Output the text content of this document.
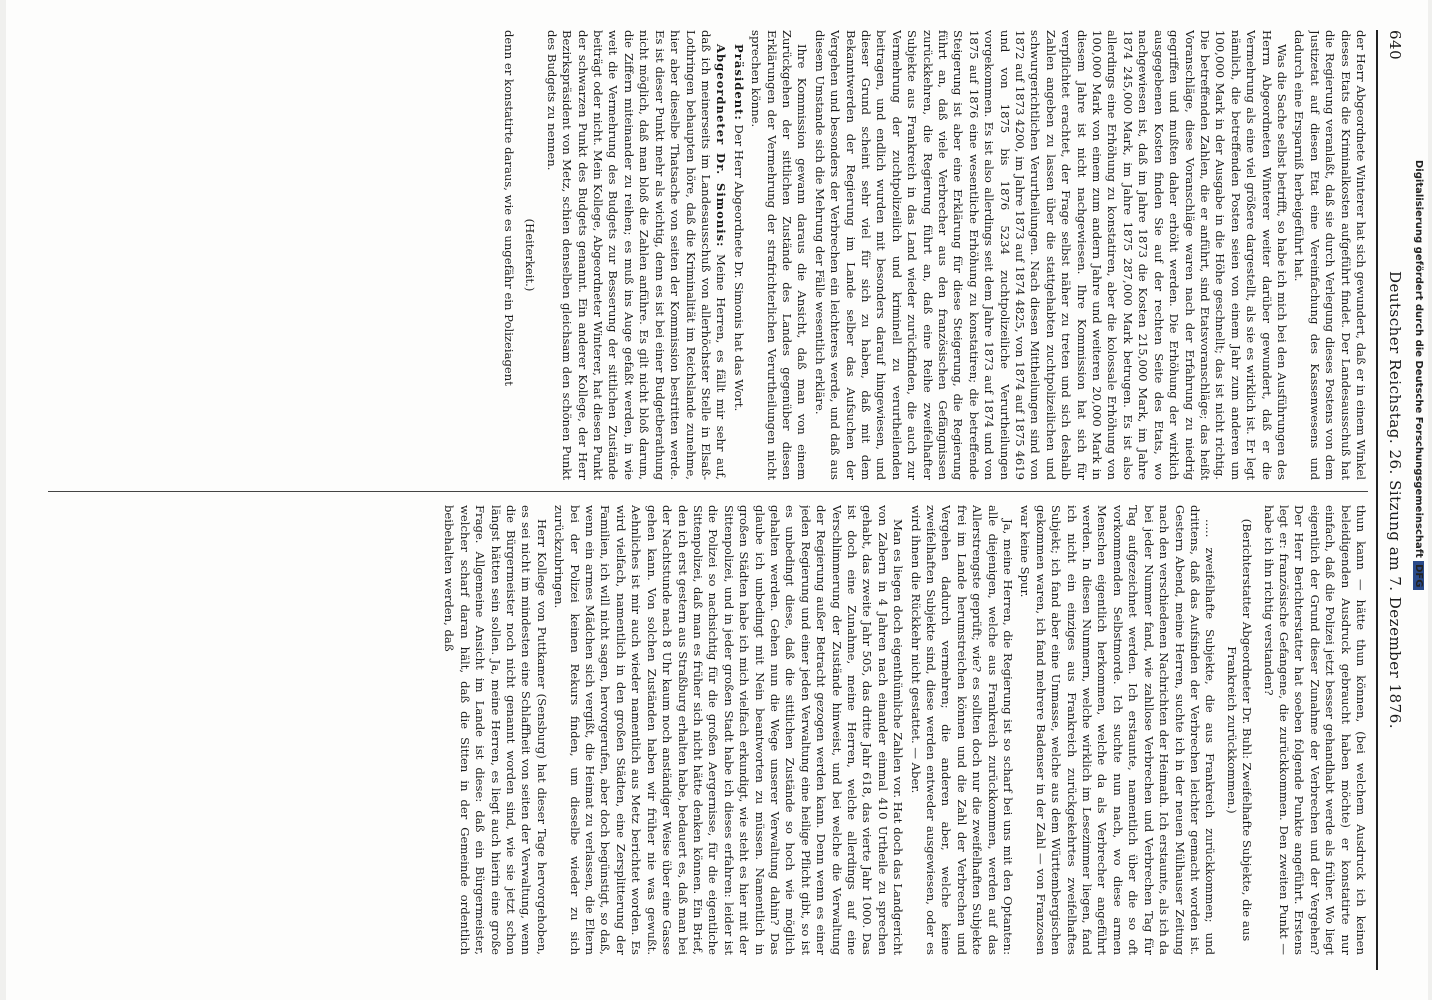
640
Deutscher Reichstag. 26. Sitzung am 7. Dezember 1876.

der Herr Abgeordnete Winterer hat sich gewundert, daß er in einem Winkel dieses Etats die Kriminalkosten aufgeführt findet. Der Landesausschuß hat die Regierung veranlaßt, daß sie durch Verlegung dieses Postens von dem Justizetat auf diesen Etat eine Vereinfachung des Kassenwesens und dadurch eine Ersparniß herbeigeführt hat.

Was die Sache selbst betrifft, so habe ich mich bei den Ausführungen des Herrn Abgeordneten Winterer weiter darüber gewundert, daß er die Vermehrung als eine viel größere dargestellt, als sie es wirklich ist. Er legt nämlich, die betreffenden Posten seien von einem Jahr zum anderen um 100,000 Mark in der Ausgabe in die Höhe geschnellt; das ist nicht richtig. Die betreffenden Zahlen, die er anführt, sind Etatsvoranschläge; das heißt Voranschläge, diese Voranschläge waren nach der Erfahrung zu niedrig gegriffen und mußten daher erhöht werden. Die Erhöhung der wirklich ausgegebenen Kosten finden Sie auf der rechten Seite des Etats, wo nachgewiesen ist, daß im Jahre 1873 die Kosten 215,000 Mark, im Jahre 1874 245,000 Mark, im Jahre 1875 287,000 Mark betrugen. Es ist also allerdings eine Erhöhung zu konstatiren, aber die kolossale Erhöhung von 100,000 Mark von einem zum andern Jahre und weiteren 20,000 Mark in diesem Jahre ist nicht nachgewiesen. Ihre Kommission hat sich für verpflichtet erachtet, der Frage selbst näher zu treten und sich deshalb Zahlen angeben zu lassen über die stattgehabten zuchtpolizeilichen und schwurgerichtlichen Verurtheilungen. Nach diesen Mittheilungen sind von 1872 auf 1873 4200, im Jahre 1873 auf 1874 4825, von 1874 auf 1875 4619 und von 1875 bis 1876 5234 zuchtpolizeiliche Verurtheilungen vorgekommen. Es ist also allerdings seit dem Jahre 1873 auf 1874 und von 1875 auf 1876 eine wesentliche Erhöhung zu konstatiren; die betreffende Steigerung ist aber eine Erklärung für diese Steigerung, die Regierung führt an, daß viele Verbrecher aus den französischen Gefängnissen zurückkehren, die Regierung führt an, daß eine Reihe zweifelhafter Subjekte aus Frankreich in das Land wieder zurückfinden, die auch zur Vermehrung der zuchtpolizeilich und kriminell zu verurtheilenden beitragen, und endlich wurden mit besonders darauf hingewiesen, und dieser Grund scheint sehr viel für sich zu haben, daß mit dem Bekanntwerden der Regierung im Lande selber das Aufsuchen der Vergehen und besonders der Verbrechen ein leichteres werde, und daß aus diesem Umstande sich die Mehrung der Fälle wesentlich erkläre.

Ihre Kommission gewann daraus die Ansicht, daß man von einem Zurückgehen der sittlichen Zustände des Landes gegenüber diesen Erklärungen der Vermehrung der strafrichterlichen Verurtheilungen nicht sprechen könne.

Präsident: Der Herr Abgeordnete Dr. Simonis hat das Wort.

Abgeordneter Dr. Simonis: Meine Herren, es fällt mir sehr auf, daß ich meinerseits im Landesausschuß von allerhöchster Stelle in Elsaß-Lothringen behaupten höre, daß die Kriminalität im Reichslande zunehme, hier aber dieselbe Thatsache von seiten der Kommission bestritten werde. Es ist dieser Punkt mehr als wichtig, denn es ist bei einer Budgetberathung nicht möglich, daß man bloß die Zahlen anführe. Es gilt nicht bloß darum, die Ziffern miteinander zu reihen; es muß ins Auge gefaßt werden, in wie weit die Vermehrung des Budgets zur Besserung der sittlichen Zustände beiträgt oder nicht. Mein Kollege, Abgeordneter Winterer, hat diesen Punkt der schwarzen Punkt des Budgets genannt. Ein anderer Kollege, der Herr Bezirkspräsident von Metz, schien denselben gleichsam den schönen Punkt des Budgets zu nennen.

(Heiterkeit.)

denn er konstatirte daraus, wie es ungefähr ein Polizeiagent

thun kann — hätte thun können, (bei welchem Ausdruck ich keinen beleidigenden Ausdruck gebraucht haben möchte) er konstatirte nur einfach, daß die Polizei jetzt besser gehandhabt werde als früher. Wo liegt eigentlich der Grund dieser Zunahme der Verbrechen und der Vergehen? Der Herr Berichterstatter hat soeben folgende Punkte angeführt. Erstens legt er: französische Gefangene, die zurückkommen. Den zweiten Punkt — habe ich ihn richtig verstanden?

(Berichterstatter Abgeordneter Dr. Buhl: Zweifelhafte Subjekte, die aus Frankreich zurückkommen.)

..... zweifelhafte Subjekte, die aus Frankreich zurückkommen; und drittens, daß das Aufsinden der Verbrechen leichter gemacht worden ist. Gestern Abend, meine Herren, suchte ich in der neuen Mülhauser Zeitung nach den verschiedenen Nachrichten der Heimath. Ich erstaunte, als ich da bei jeder Nummer fand, wie zahllose Verbrechen und Verbrechen Tag für Tag aufgezeichnet werden. Ich erstaunte, namentlich über die so oft vorkommenden Selbstmorde. Ich suchte nun nach, wo diese armen Menschen eigentlich herkommen, welche da als Verbrecher angeführt werden. In diesen Nummern, welche wirklich im Lesezimmer liegen, fand ich nicht ein einziges aus Frankreich zurückgekehrtes zweifelhaftes Subjekt; ich fand aber eine Unmasse, welche aus dem Württembergischen gekommen waren, ich fand mehrere Badenser in der Zahl — von Franzosen war keine Spur.

Ja, meine Herren, die Regierung ist so scharf bei uns mit den Optanten: alle diejenigen, welche aus Frankreich zurückkommen, werden auf das Allerstrengste geprüft; wie? es sollten doch nur die zweifelhaften Subjekte frei im Lande herumstreichen können und die Zahl der Verbrechen und Vergehen dadurch vermehren; die anderen aber, welche keine zweifelhaften Subjekte sind, diese werden entweder ausgewiesen, oder es wird ihnen die Rückkehr nicht gestattet. — Aber.

Man es liegen doch eigenthümliche Zahlen vor. Hat doch das Landgericht von Zabern in 4 Jahren nach einander einmal 410 Urtheile zu sprechen gehabt, das zweite Jahr 505, das dritte Jahr 618, das vierte Jahr 1000. Das ist doch eine Zunahme, meine Herren, welche allerdings auf eine Verschlimmerung der Zustände hinweist, und bei welche die Verwaltung der Regierung außer Betracht gezogen werden kann. Denn wenn es einer jeden Regierung und einer jeden Verwaltung eine heilige Pflicht gibt, so ist es unbedingt diese, daß die sittlichen Zustände so hoch wie möglich gehalten werden. Gehen nun die Wege unserer Verwaltung dahin? Das glaube ich unbedingt mit Nein beantworten zu müssen. Namentlich in großen Städten habe ich mich vielfach erkundigt, wie steht es hier mit der Sittenpolizei, und in jeder großen Stadt habe ich dieses erfahren: leider ist die Polizei so nachsichtig für die großen Aergernisse, für die eigentliche Sittenpolizei, daß man es früher sich nicht hätte denken können. Ein Brief, den ich erst gestern aus Straßburg erhalten habe, bedauert es, daß man bei der Nachtstunde nach 8 Uhr kaum noch anständiger Weise über eine Gasse gehen kann. Von solchen Zuständen haben wir früher nie was gewußt. Aehnliches ist mir auch wieder namentlich aus Metz berichtet worden. Es wird vielfach, namentlich in den großen Städten, eine Zersplitterung der Familien, ich will nicht sagen, hervorgerufen, aber doch begünstigt, so daß, wenn ein armes Mädchen sich vergißt, die Heimat zu verlassen, die Eltern bei der Polizei keinen Rekurs finden, um dieselbe wieder zu sich zurückzubringen.

Herr Kollege von Puttkamer (Sensburg) hat dieser Tage hervorgehoben, es sei nicht im mindesten eine Schlaffheit von seiten der Verwaltung, wenn die Bürgermeister noch nicht genannt worden sind, wie sie jetzt schon längst hätten sein sollen. Ja, meine Herren, es liegt auch hierin eine große Frage. Allgemeine Ansicht im Lande ist diese: daß ein Bürgermeister, welcher scharf daran hält, daß die Sitten in der Gemeinde ordentlich beibehalten werden, daß

Digitalisierung gefördert durch die Deutsche Forschungsgemeinschaft DFG
